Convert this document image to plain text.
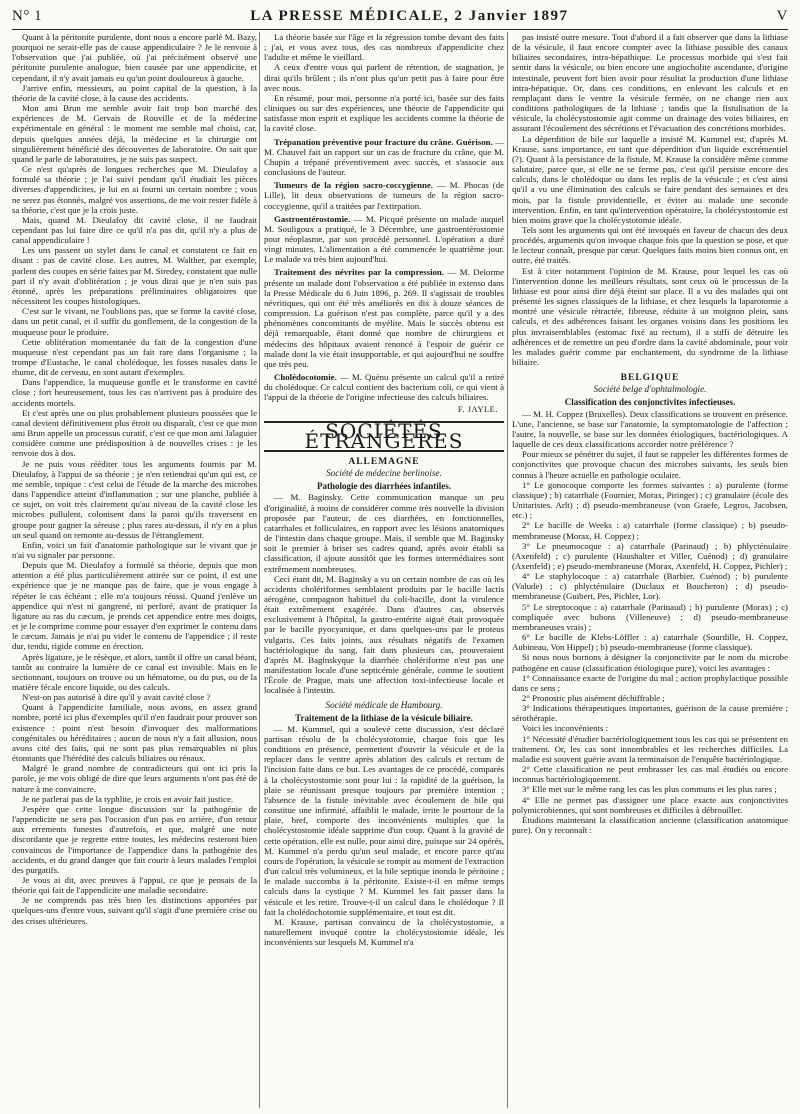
N° 1	LA PRESSE MÉDICALE, 2 Janvier 1897	V

Quant à la péritonite purulente, dont nous a encore parlé M. Bazy, pourquoi ne serait-elle pas de cause appendiculaire ? Je le renvoie à l'observation que j'ai publiée, où j'ai précisément observé une péritonite purulente analogue, bien causée par une appendicite, et cependant, il n'y avait jamais eu qu'un point douloureux à gauche.

J'arrive enfin, messieurs, au point capital de la question, à la théorie de la cavité close, à la cause des accidents.

Mon ami Brun me semble avoir fait trop bon marché des expériences de M. Gervais de Rouville et de la médecine expérimentale en général : le moment me semble mal choisi, car, depuis quelques années déjà, la médecine et la chirurgie ont singulièrement bénéficié des découvertes de laboratoire. On sait que quand le parle de laboratoires, je ne suis pas suspect.

Ce n'est qu'après de longues recherches que M. Dieulafoy a formulé sa théorie ; je l'ai suivi pendant qu'il étudiait les pièces diverses d'appendicites, je lui en ai fourni un certain nombre ; vous ne serez pas étonnés, malgré vos assertions, de me voir rester fidèle à sa théorie, c'est que je la crois juste.

Mais, quand M. Dieulafoy dit cavité close, il ne faudrait cependant pas lui faire dire ce qu'il n'a pas dit, qu'il n'y a plus de canal appendiculaire !

Les uns passent un stylet dans le canal et constatent ce fait en disant : pas de cavité close. Les autres, M. Walther, par exemple, parlent des coupes en série faites par M. Siredey, constatent que nulle part il n'y avait d'oblitération ; je vous dirai que je n'en suis pas étonné, après les préparations préliminaires obligatoires que nécessitent les coupes histologiques.

C'est sur le vivant, ne l'oublions pas, que se forme la cavité close, dans un petit canal, et il suffit du gonflement, de la congestion de la muqueuse pour le produire.

Cette oblitération momentanée du fait de la congestion d'une muqueuse n'est cependant pas un fait rare dans l'organisme ; la trompe d'Eustache, le canal cholédoque, les fosses nasales dans le rhume, dit de cerveau, en sont autant d'exemples.

Dans l'appendice, la muqueuse gonfle et le transforme en cavité close ; fort heureusement, tous les cas n'arrivent pas à produire des accidents mortels.

Et c'est après une ou plus probablement plusieurs poussées que le canal devient définitivement plus étroit ou disparaît, c'est ce que mon ami Brun appelle un processus curatif, c'est ce que mon ami Jalaguier considère comme une prédisposition à de nouvelles crises : je les renvoie dos à dos.

Je ne puis vous rééditer tous les arguments fournis par M. Dieulafoy, à l'appui de sa théorie ; je n'en retiendrai qu'un qui est, ce me semble, topique : c'est celui de l'étude de la marche des microbes dans l'appendice atteint d'inflammation ; sur une planche, publiée à ce sujet, on voit très clairement qu'au niveau de la cavité close les microbes pullulent, colonisent dans la paroi qu'ils traversent en groupe pour gagner la séreuse ; plus rares au-dessus, il n'y en a plus un seul quand on remonte au-dessus de l'étranglement.

Enfin, voici un fait d'anatomie pathologique sur le vivant que je n'ai vu signaler par personne.

Depuis que M. Dieulafoy a formulé sa théorie, depuis que mon attention a été plus particulièrement attirée sur ce point, il est une expérience que je ne manque pas de faire, que je vous engage à répéter le cas échéant ; elle m'a toujours réussi. Quand j'enlève un appendice qui n'est ni gangrené, ni perforé, avant de pratiquer la ligature au ras du cæcum, je prends cet appendice entre mes doigts, et je le comprime comme pour essayer d'en exprimer le contenu dans le cæcum. Jamais je n'ai pu vider le contenu de l'appendice ; il reste dur, tendu, rigide comme en érection.

Après ligature, je le résèque, et alors, tantôt il offre un canal béant, tantôt au contraire la lumière de ce canal est invisible. Mais en le sectionnant, toujours on trouve ou un hématome, ou du pus, ou de la matière fécale encore liquide, ou des calculs.

N'est-on pas autorisé à dire qu'il y avait cavité close ?

Quant à l'appendicite familiale, nous avons, en assez grand nombre, porté ici plus d'exemples qu'il n'en faudrait pour prouver son existence : point n'est besoin d'invoquer des malformations congénitales ou héréditaires ; aucun de nous n'y a fait allusion, nous avons cité des faits, qui ne sont pas plus remarquables ni plus étonnants que l'hérédité des calculs biliaires ou rénaux.

Malgré le grand nombre de contradicteurs qui ont ici pris la parole, je me vois obligé de dire que leurs arguments n'ont pas été de nature à me convaincre.

Je ne parlerai pas de la typhlite, je crois en avoir fait justice.

J'espère que cette longue discussion sur la pathogénie de l'appendicite ne sera pas l'occasion d'un pas en arrière, d'un retour aux errements funestes d'autrefois, et que, malgré une note discordante que je regrette entre toutes, les médecins resteront bien convaincus de l'importance de l'appendice dans la pathogénie des accidents, et du grand danger que fait courir à leurs malades l'emploi des purgatifs.

Je vous ai dit, avec preuves à l'appui, ce que je pensais de la théorie qui fait de l'appendicite une maladie secondaire.

Je ne comprends pas très bien les distinctions apportées par quelques-uns d'entre vous, suivant qu'il s'agit d'une première crise ou des crises ultérieures.

La théorie basée sur l'âge et la régression tombe devant des faits ; j'ai, et vous avez tous, des cas nombreux d'appendicite chez l'adulte et même le vieillard.

A ceux d'entre vous qui parlent de rétention, de stagnation, je dirai qu'ils brûlent ; ils n'ont plus qu'un petit pas à faire pour être avec nous.

En résumé, pour moi, personne n'a porté ici, basée sur des faits cliniques ou sur des expériences, une théorie de l'appendicite qui satisfasse mon esprit et explique les accidents comme la théorie de la cavité close.

Trépanation préventive pour fracture du crâne. Guérison. — M. Chauvel fait un rapport sur un cas de fracture du crâne, que M. Chupin a trépané préventivement avec succès, et s'associe aux conclusions de l'auteur.

Tumeurs de la région sacro-coccygienne. — M. Phocas (de Lille), lit deux observations de tumeurs de la région sacro-coccygienne, qu'il a traitées par l'extirpation.

Gastroentérostomie. — M. Picqué présente un malade auquel M. Souligoux a pratiqué, le 3 Décembre, une gastroentérostomie pour néoplasme, par son procédé personnel. L'opération a duré vingt minutes. L'alimentation a été commencée le quatrième jour. Le malade va très bien aujourd'hui.

Traitement des névrites par la compression. — M. Delorme présente un malade dont l'observation a été publiée in extenso dans la Presse Médicale du 6 Juin 1896, p. 269. Il s'agissait de troubles névritiques, qui ont été très améliorés en dix à douze séances de compression. La guérison n'est pas complète, parce qu'il y a des phénomènes concomitants de myélite. Mais le succès obtenu est déjà remarquable, étant donné que nombre de chirurgiens et médecins des hôpitaux avaient renoncé à l'espoir de guérir ce malade dont la vie était insupportable, et qui aujourd'hui ne souffre que très peu.

Cholédocotomie. — M. Quénu présente un calcul qu'il a retiré du cholédoque. Ce calcul contient des bacterium coli, ce qui vient à l'appui de la théorie de l'origine infectieuse des calculs biliaires.

F. JAYLE.
SOCIÉTÉS ÉTRANGÈRES
ALLEMAGNE
Société de médecine berlinoise.
Pathologie des diarrhées infantiles.

— M. Baginsky. Cette communication manque un peu d'originalité, à moins de considérer comme très nouvelle la division proposée par l'auteur, de ces diarrhées, en fonctionnelles, catarrhales et folliculaires, en rapport avec les lésions anatomiques de l'intestin dans chaque groupe. Mais, il semble que M. Baginsky soit le premier à briser ses cadres quand, après avoir établi sa classification, il ajoute aussitôt que les formes intermédiaires sont extrêmement nombreuses.

Ceci étant dit, M. Baginsky a vu un certain nombre de cas où les accidents cholériformes semblaient produits par le bacille lactis aérogène, compagnon habituel du coli-bacille, dont la virulence était extrêmement exagérée. Dans d'autres cas, observés exclusivement à l'hôpital, la gastro-entérite aiguë était provoquée par le bacille pyocyanique, et dans quelques-uns par le proteus vulgaris. Ces faits joints, aux résultats négatifs de l'examen bactériologique du sang, fait dans plusieurs cas, prouveraient d'après M. Baginskyque la diarrhée cholériforme n'est pas une manifestation locale d'une septicémie générale, comme le soutient l'École de Prague, mais une affection toxi-infectieuse locale et localisée à l'intestin.

Société médicale de Hambourg.
Traitement de la lithiase de la vésicule biliaire.

— M. Kummel, qui a soulevé cette discussion, s'est déclaré partisan résolu de la cholécystotomie, chaque fois que les conditions en présence, permettent d'ouvrir la vésicule et de la replacer dans le ventre après ablation des calculs et rectum de l'incision faite dans ce but. Les avantages de ce procédé, comparés à la cholécystostomie sont pour lui : la rapidité de la guérison, la plaie se réunissant presque toujours par première intention ; l'absence de la fistule inévitable avec écoulement de bile qui constitue une infirmité, affaiblit le malade, irrite le pourtour de la plaie, bref, comporte des inconvénients multiples que la cholécystostomie idéale supprime d'un coup. Quant à la gravité de cette opération, elle est nulle, pour ainsi dire, puisque sur 24 opérés, M. Kummel n'a perdu qu'un seul malade, et encore parce qu'au cours de l'opération, la vésicule se rompit au moment de l'extraction d'un calcul très volumineux, et la bile septique inonda le péritoine ; le malade succomba à la péritonite. Existe-t-il en même temps calculs dans la cystique ? M. Kummel les fait passer dans la vésicule et les retire. Trouve-t-il un calcul dans le cholédoque ? Il fait la cholédochotomie supplémentaire, et tout est dit.

M. Krause, partisan convaincu de la cholécystostomie, a naturellement invoqué contre la cholécystostomie idéale, les inconvénients sur lesquels M. Kummel n'a

pas insisté outre mesure. Tout d'abord il a fait observer que dans la lithiase de la vésicule, il faut encore compter avec la lithiase possible des canaux biliaires secondaires, intra-hépathique. Le processus morbide qui s'est fait sentir dans la vésicule, ou bien encore une angiocholite ascendante, d'origine intestinale, peuvent fort bien avoir pour résultat la production d'une lithiase intra-hépatique. Or, dans ces conditions, en enlevant les calculs et en remplaçant dans le ventre la vésicule fermée, on ne change rien aux conditions pathologiques de la lithiase ; tandis que la fistulisation de la vésicule, la cholécystostomie agit comme un drainage des voies biliaires, en assurant l'écoulement des sécrétions et l'évacuation des concrétions morbides.

La déperdition de bile sur laquelle a insisté M. Kummel est, d'après M. Krause, sans importance, en tant que déperdition d'un liquide excrémentiel (?). Quant à la persistance de la fistule, M. Krause la considère même comme salutaire, parce que, si elle ne se ferme pas, c'est qu'il persiste encore des calculs, dans le cholédoque ou dans les replis de la vésicule ; et c'est ainsi qu'il a vu une élimination des calculs se faire pendant des semaines et des mois, par la fistule providentielle, et éviter au malade une seconde intervention. Enfin, en tant qu'intervention opératoire, la cholécystostomie est bien moins grave que la cholécystotomie idéale.

Tels sont les arguments qui ont été invoqués en faveur de chacun des deux procédés, arguments qu'on invoque chaque fois que la question se pose, et que le lecteur connaît, presque par cœur. Quelques faits moins bien connus ont, en outre, été traités.

Est à citer notamment l'opinion de M. Krause, pour lequel les cas où l'intervention donne les meilleurs résultats, sont ceux où le processus de la lithiase est pour ainsi dire déjà éteint sur place. Il a vu des malades qui ont présenté les signes classiques de la lithiase, et chez lesquels la laparotomie a montré une vésicule rétractée, fibreuse, réduite à un moignon plein, sans calculs, et des adhérences faisant les organes voisins dans les positions les plus invraisemblables (estomac fixé au rectum), il a suffi de détruire les adhérences et de remettre un peu d'ordre dans la cavité abdominale, pour voir les malades guérir comme par enchantement, du syndrome de la lithiase biliaire.

BELGIQUE
Société belge d'ophtalmologie.
Classification des conjonctivites infectieuses.

— M. H. Coppez (Bruxelles). Deux classifications se trouvent en présence. L'une, l'ancienne, se base sur l'anatomie, la symptomatologie de l'affection ; l'autre, la nouvelle, se base sur les données étiologiques, bactériologiques. A laquelle de ces deux classifications accorder notre préférence ?

Pour mieux se pénétrer du sujet, il faut se rappeler les différentes formes de conjonctivites que provoque chacun des microbes suivants, les seuls bien connus à l'heure actuelle en pathologie oculaire.

1° Le gonocoque comporte les formes suivantes : a) purulente (forme classique) ; b) catarrhale (Fournier, Morax, Piringer) ; c) granulaire (école des Unitaristes. Arlt) ; d) pseudo-membraneuse (von Graefe, Legros, Jacobsen, etc.) ;

2° Le bacille de Weeks : a) catarrhale (forme classique) ; b) pseudo-membraneuse (Morax, H. Coppez) ;

3° Le pneumocoque : a) catarrhale (Parinaud) ; b) phlycténulaire (Axenfeld) ; c) purulente (Haushalter et Viller, Cuénod) ; d) granulaire (Axenfeld) ; e) pseudo-membraneuse (Morax, Axenfeld, H. Coppez, Pichler) ;

4° Le staphylocoque : a) catarrhale (Barbier, Cuénod) ; b) purulente (Valude) ; c) phlycténulaire (Duclaux et Boucheron) ; d) pseudo-membraneuse (Guibert, Pes, Pichler, Lor).

5° Le streptocoque : a) catarrhale (Parinaud) ; b) purulente (Morax) ; c) compliquée avec bubons (Villeneuve) ; d) pseudo-membraneuse membraneuses vrais) ;

6° Le bacille de Klebs-Löffler : a) catarrhale (Sourdille, H. Coppez, Aubineau, Von Hippel) ; b) pseudo-membraneuse (forme classique).

Si nous nous bornons à désigner la conjonctivite par le nom du microbe pathogène en cause (classification étiologique pure), voici les avantages :

1° Connaissance exacte de l'origine du mal ; action prophylactique possible dans ce sens ;

2° Pronostic plus aisément déchiffrable ;

3° Indications thérapeutiques importantes, guérison de la cause première ; sérothérapie.

Voici les inconvénients :

1° Nécessité d'étudier bactériologiquement tous les cas qui se présentent en traitement. Or, les cas sont innombrables et les recherches difficiles. La maladie est souvent guérie avant la terminaison de l'enquête bactériologique.

2° Cette classification ne peut embrasser les cas mal étudiés ou encore inconnus bactériologiquement.

3° Elle met sur le même rang les cas les plus communs et les plus rares ;

4° Elle ne permet pas d'assigner une place exacte aux conjonctivites polymicrobiennes, qui sont nombreuses et difficiles à débrouiller.

Étudions maintenant la classification ancienne (classification anatomique pure). On y reconnaît :
